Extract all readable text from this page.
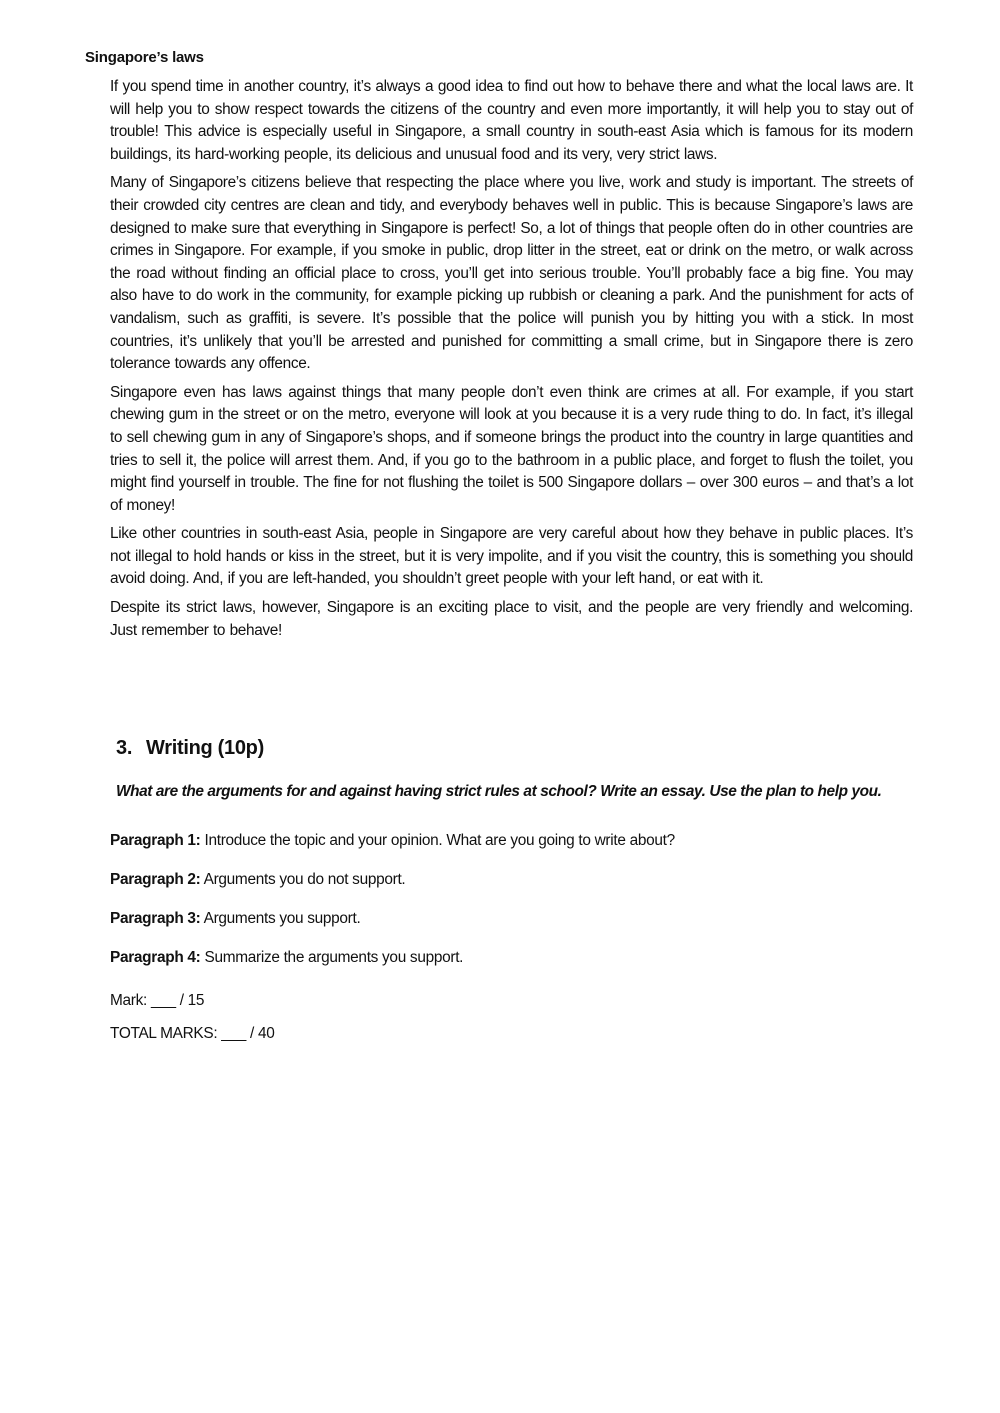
Singapore’s laws

If you spend time in another country, it’s always a good idea to find out how to behave there and what the local laws are. It will help you to show respect towards the citizens of the country and even more importantly, it will help you to stay out of trouble! This advice is especially useful in Singapore, a small country in south-east Asia which is famous for its modern buildings, its hard-working people, its delicious and unusual food and its very, very strict laws.

Many of Singapore’s citizens believe that respecting the place where you live, work and study is important. The streets of their crowded city centres are clean and tidy, and everybody behaves well in public. This is because Singapore’s laws are designed to make sure that everything in Singapore is perfect! So, a lot of things that people often do in other countries are crimes in Singapore. For example, if you smoke in public, drop litter in the street, eat or drink on the metro, or walk across the road without finding an official place to cross, you’ll get into serious trouble. You’ll probably face a big fine. You may also have to do work in the community, for example picking up rubbish or cleaning a park. And the punishment for acts of vandalism, such as graffiti, is severe. It’s possible that the police will punish you by hitting you with a stick. In most countries, it’s unlikely that you’ll be arrested and punished for committing a small crime, but in Singapore there is zero tolerance towards any offence.

Singapore even has laws against things that many people don’t even think are crimes at all. For example, if you start chewing gum in the street or on the metro, everyone will look at you because it is a very rude thing to do. In fact, it’s illegal to sell chewing gum in any of Singapore’s shops, and if someone brings the product into the country in large quantities and tries to sell it, the police will arrest them. And, if you go to the bathroom in a public place, and forget to flush the toilet, you might find yourself in trouble. The fine for not flushing the toilet is 500 Singapore dollars – over 300 euros – and that’s a lot of money!

Like other countries in south-east Asia, people in Singapore are very careful about how they behave in public places. It’s not illegal to hold hands or kiss in the street, but it is very impolite, and if you visit the country, this is something you should avoid doing. And, if you are left-handed, you shouldn’t greet people with your left hand, or eat with it.

Despite its strict laws, however, Singapore is an exciting place to visit, and the people are very friendly and welcoming. Just remember to behave!

3. Writing (10p)
What are the arguments for and against having strict rules at school? Write an essay. Use the plan to help you.
Paragraph 1: Introduce the topic and your opinion. What are you going to write about?
Paragraph 2: Arguments you do not support.
Paragraph 3: Arguments you support.
Paragraph 4: Summarize the arguments you support.
Mark: ___ / 15
TOTAL MARKS: ___ / 40
